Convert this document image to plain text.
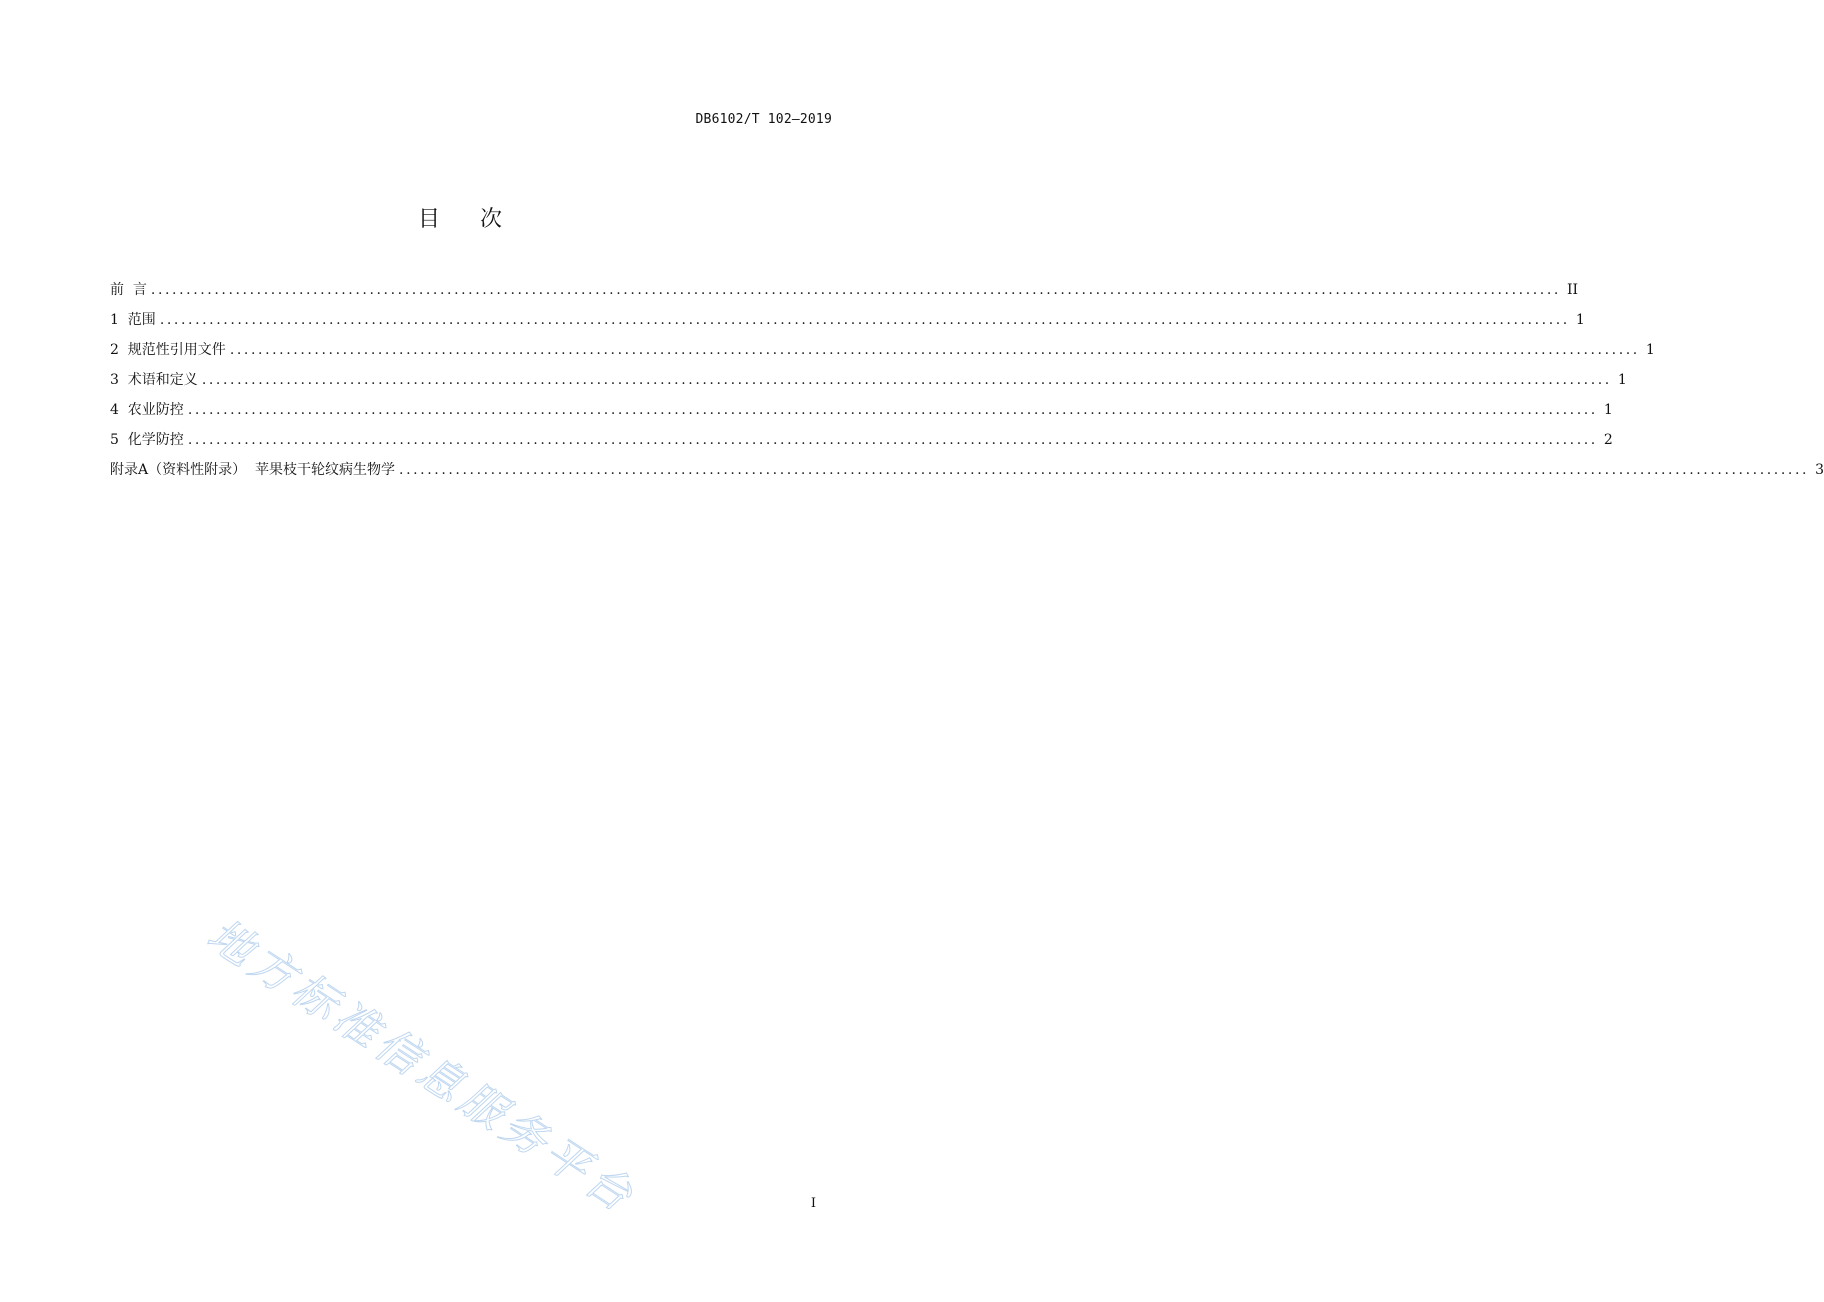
DB6102/T 102—2019
目 次
前  言 ........................................................................................................................................................................................................ II
1  范围 ........................................................................................................................................................................................................ 1
2  规范性引用文件 ........................................................................................................................................................................................................ 1
3  术语和定义 ........................................................................................................................................................................................................ 1
4  农业防控 ........................................................................................................................................................................................................ 1
5  化学防控 ........................................................................................................................................................................................................ 2
附录A（资料性附录）  苹果枝干轮纹病生物学 ........................................................................................................................................................................................................ 3
地方标准信息服务平台	I
